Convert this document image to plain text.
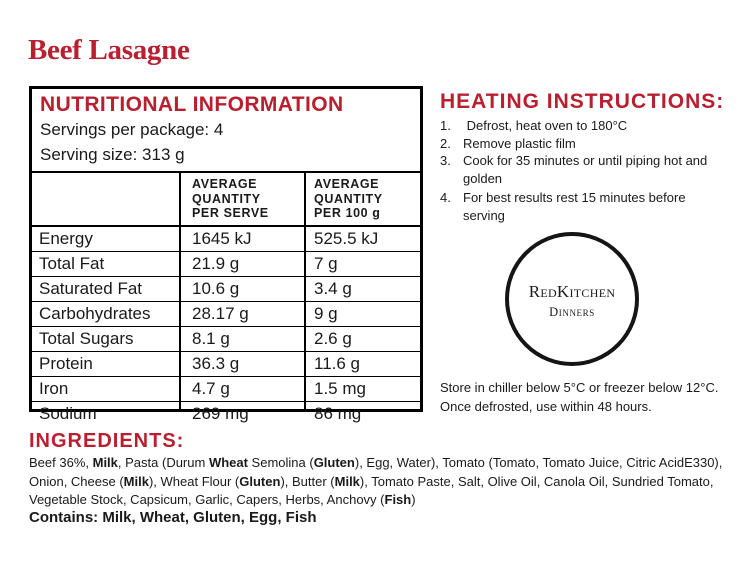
Beef Lasagne
NUTRITIONAL INFORMATION
Servings per package: 4
Serving size: 313 g
AVERAGE
QUANTITY
PER SERVE
AVERAGE
QUANTITY
PER 100 g
Energy	1645 kJ	525.5 kJ
Total Fat	21.9 g	7 g
Saturated Fat	10.6 g	3.4 g
Carbohydrates 28.17 g	9 g
Total Sugars	8.1 g	2.6 g
Protein	36.3 g	11.6 g
Iron	4.7 g	1.5 mg
Sodium	269 mg	86 mg
HEATING INSTRUCTIONS:
1. Defrost, heat oven to 180°C
2. Remove plastic film
3. Cook for 35 minutes or until piping hot and golden
4. For best results rest 15 minutes before serving
RedKitchen
Dinners
Store in chiller below 5°C or freezer below 12°C. Once defrosted, use within 48 hours.
INGREDIENTS:
Beef 36%, Milk, Pasta (Durum Wheat Semolina (Gluten), Egg, Water), Tomato (Tomato, Tomato Juice, Citric AcidE330), Onion, Cheese (Milk), Wheat Flour (Gluten), Butter (Milk), Tomato Paste, Salt, Olive Oil, Canola Oil, Sundried Tomato, Vegetable Stock, Capsicum, Garlic, Capers, Herbs, Anchovy (Fish)
Contains: Milk, Wheat, Gluten, Egg, Fish
